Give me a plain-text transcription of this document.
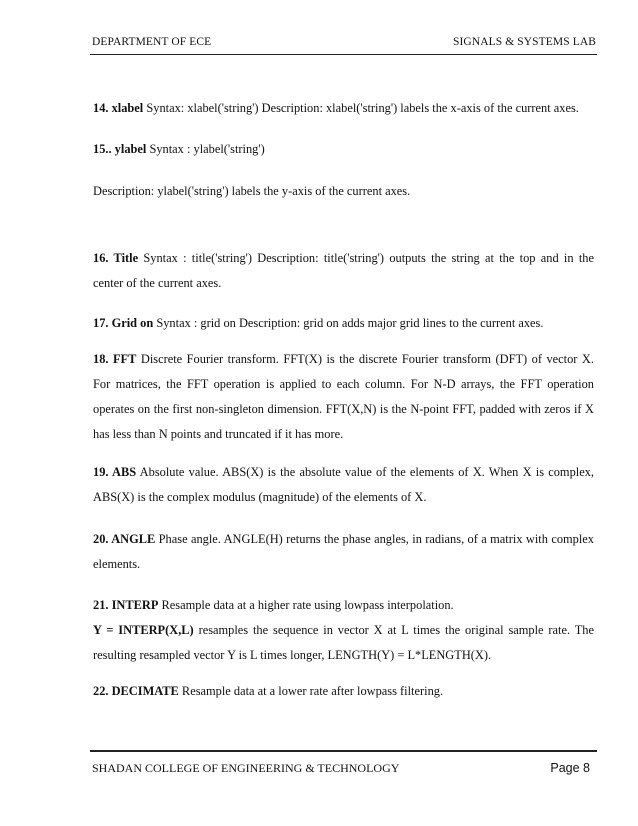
DEPARTMENT OF ECE	SIGNALS & SYSTEMS LAB
14. xlabel Syntax: xlabel('string') Description: xlabel('string') labels the x-axis of the current axes.
15.. ylabel Syntax : ylabel('string')
Description: ylabel('string') labels the y-axis of the current axes.
16. Title Syntax : title('string') Description: title('string') outputs the string at the top and in the center of the current axes.
17. Grid on Syntax : grid on Description: grid on adds major grid lines to the current axes.
18. FFT Discrete Fourier transform. FFT(X) is the discrete Fourier transform (DFT) of vector X. For matrices, the FFT operation is applied to each column. For N-D arrays, the FFT operation operates on the first non-singleton dimension. FFT(X,N) is the N-point FFT, padded with zeros if X has less than N points and truncated if it has more.
19. ABS Absolute value. ABS(X) is the absolute value of the elements of X. When X is complex, ABS(X) is the complex modulus (magnitude) of the elements of X.
20. ANGLE Phase angle. ANGLE(H) returns the phase angles, in radians, of a matrix with complex elements.
21. INTERP Resample data at a higher rate using lowpass interpolation.
Y = INTERP(X,L) resamples the sequence in vector X at L times the original sample rate. The resulting resampled vector Y is L times longer, LENGTH(Y) = L*LENGTH(X).
22. DECIMATE Resample data at a lower rate after lowpass filtering.
SHADAN COLLEGE OF ENGINEERING & TECHNOLOGY	Page 8
